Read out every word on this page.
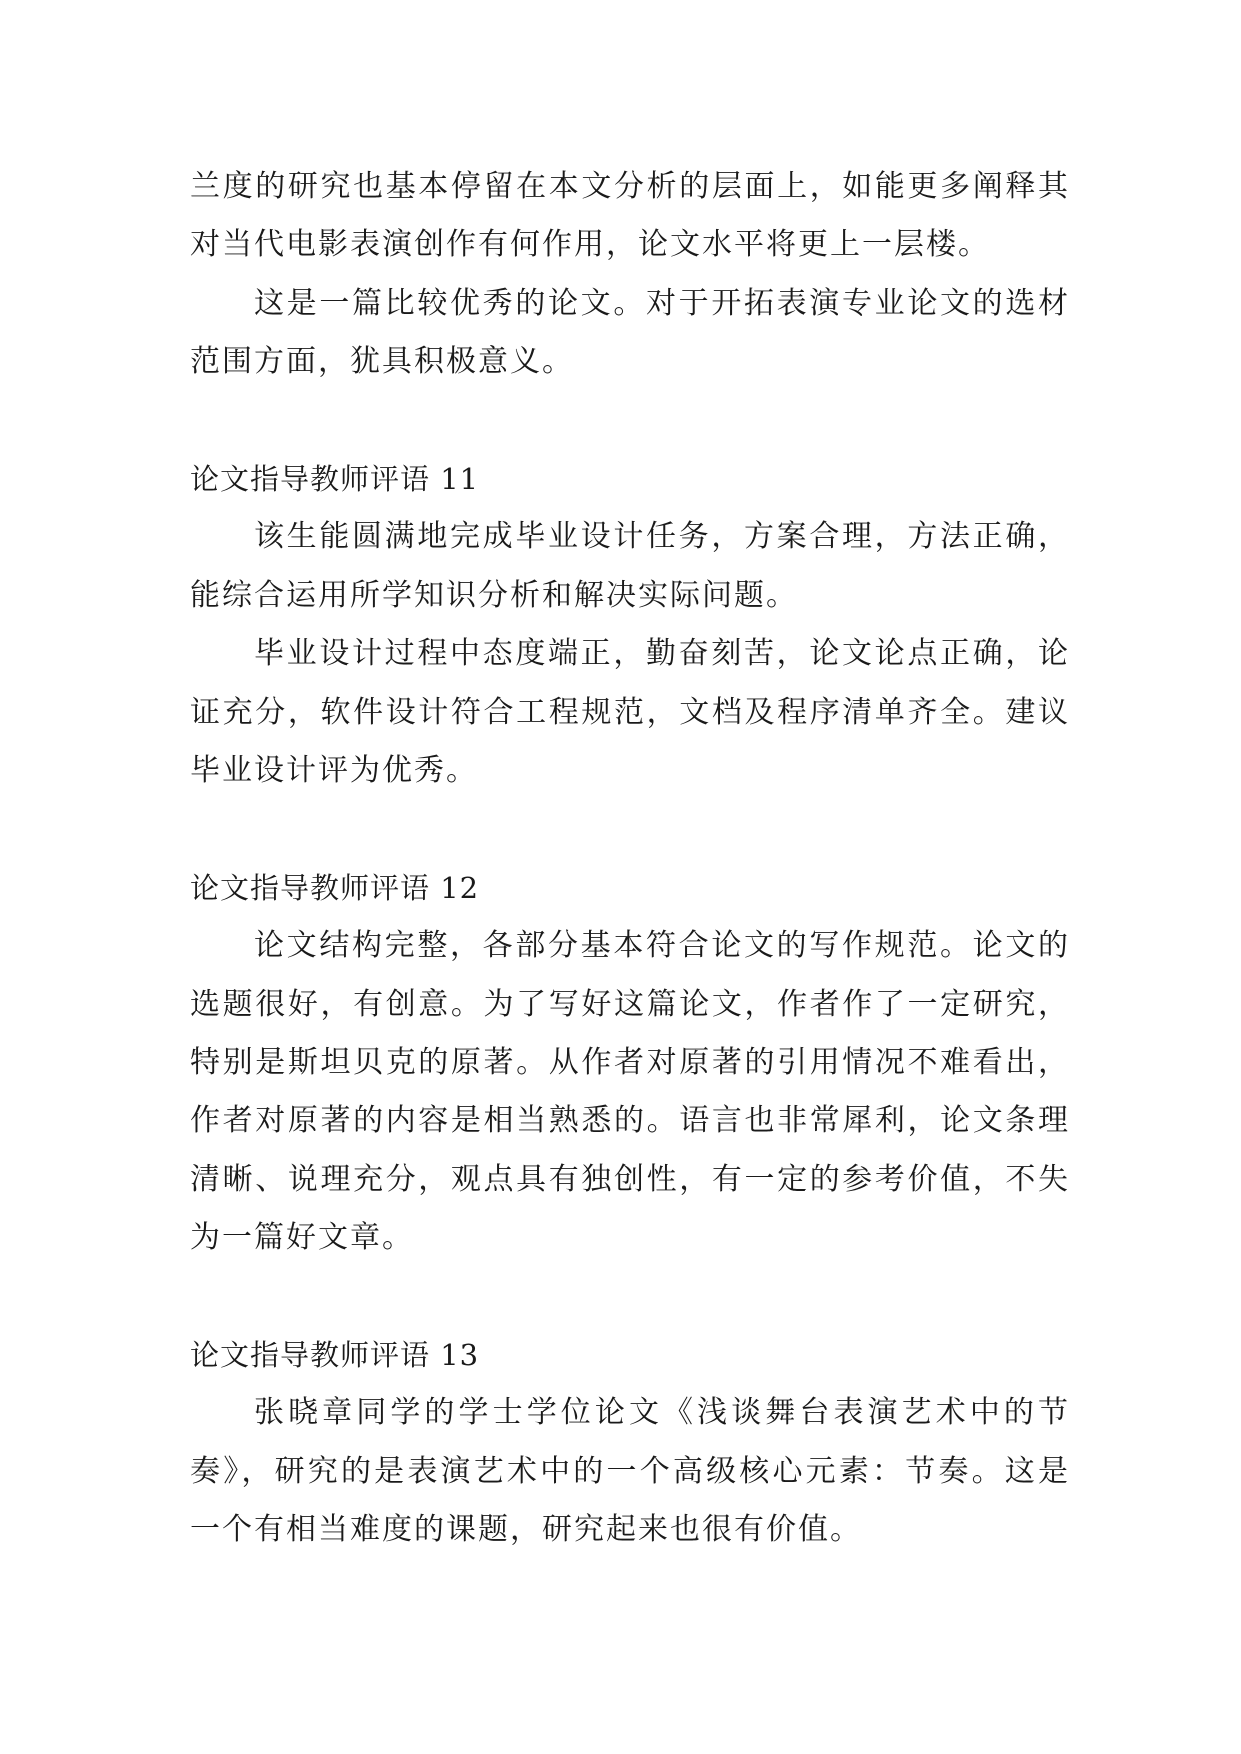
兰度的研究也基本停留在本文分析的层面上，如能更多阐释其对当代电影表演创作有何作用，论文水平将更上一层楼。

这是一篇比较优秀的论文。对于开拓表演专业论文的选材范围方面，犹具积极意义。

论文指导教师评语 11

该生能圆满地完成毕业设计任务，方案合理，方法正确，能综合运用所学知识分析和解决实际问题。

毕业设计过程中态度端正，勤奋刻苦，论文论点正确，论证充分，软件设计符合工程规范，文档及程序清单齐全。建议毕业设计评为优秀。

论文指导教师评语 12

论文结构完整，各部分基本符合论文的写作规范。论文的选题很好，有创意。为了写好这篇论文，作者作了一定研究，特别是斯坦贝克的原著。从作者对原著的引用情况不难看出，作者对原著的内容是相当熟悉的。语言也非常犀利，论文条理清晰、说理充分，观点具有独创性，有一定的参考价值，不失为一篇好文章。

论文指导教师评语 13

张晓章同学的学士学位论文《浅谈舞台表演艺术中的节奏》，研究的是表演艺术中的一个高级核心元素：节奏。这是一个有相当难度的课题，研究起来也很有价值。
